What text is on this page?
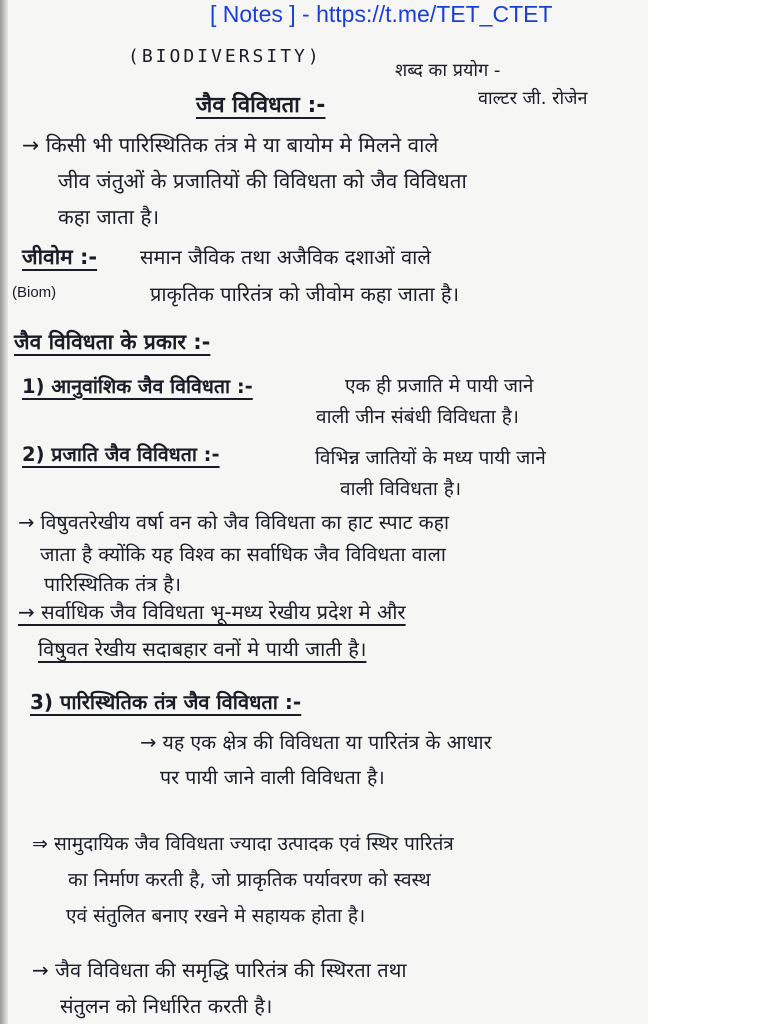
[ Notes ] - https://t.me/TET_CTET
(BIODIVERSITY)
शब्द का प्रयोग -
जैव विविधता :-	वाल्टर जी. रोजेन
→ किसी भी पारिस्थितिक तंत्र मे या बायोम मे मिलने वाले
जीव जंतुओं के प्रजातियों की विविधता को जैव विविधता
कहा जाता है।
जीवोम :- समान जैविक तथा अजैविक दशाओं वाले
(Biom)	प्राकृतिक पारितंत्र को जीवोम कहा जाता है।
जैव विविधता के प्रकार :-
1) आनुवांशिक जैव विविधता :-	एक ही प्रजाति मे पायी जाने
वाली जीन संबंधी विविधता है।
2) प्रजाति जैव विविधता :-	विभिन्न जातियों के मध्य पायी जाने
वाली विविधता है।
→ विषुवतरेखीय वर्षा वन को जैव विविधता का हाट स्पाट कहा
जाता है क्योंकि यह विश्व का सर्वाधिक जैव विविधता वाला
पारिस्थितिक तंत्र है।
→ सर्वाधिक जैव विविधता भू-मध्य रेखीय प्रदेश मे और
विषुवत रेखीय सदाबहार वनों मे पायी जाती है।
3) पारिस्थितिक तंत्र जैव विविधता :-
→ यह एक क्षेत्र की विविधता या पारितंत्र के आधार
पर पायी जाने वाली विविधता है।
⇒ सामुदायिक जैव विविधता ज्यादा उत्पादक एवं स्थिर पारितंत्र
का निर्माण करती है, जो प्राकृतिक पर्यावरण को स्वस्थ
एवं संतुलित बनाए रखने मे सहायक होता है।
→ जैव विविधता की समृद्धि पारितंत्र की स्थिरता तथा
संतुलन को निर्धारित करती है।
